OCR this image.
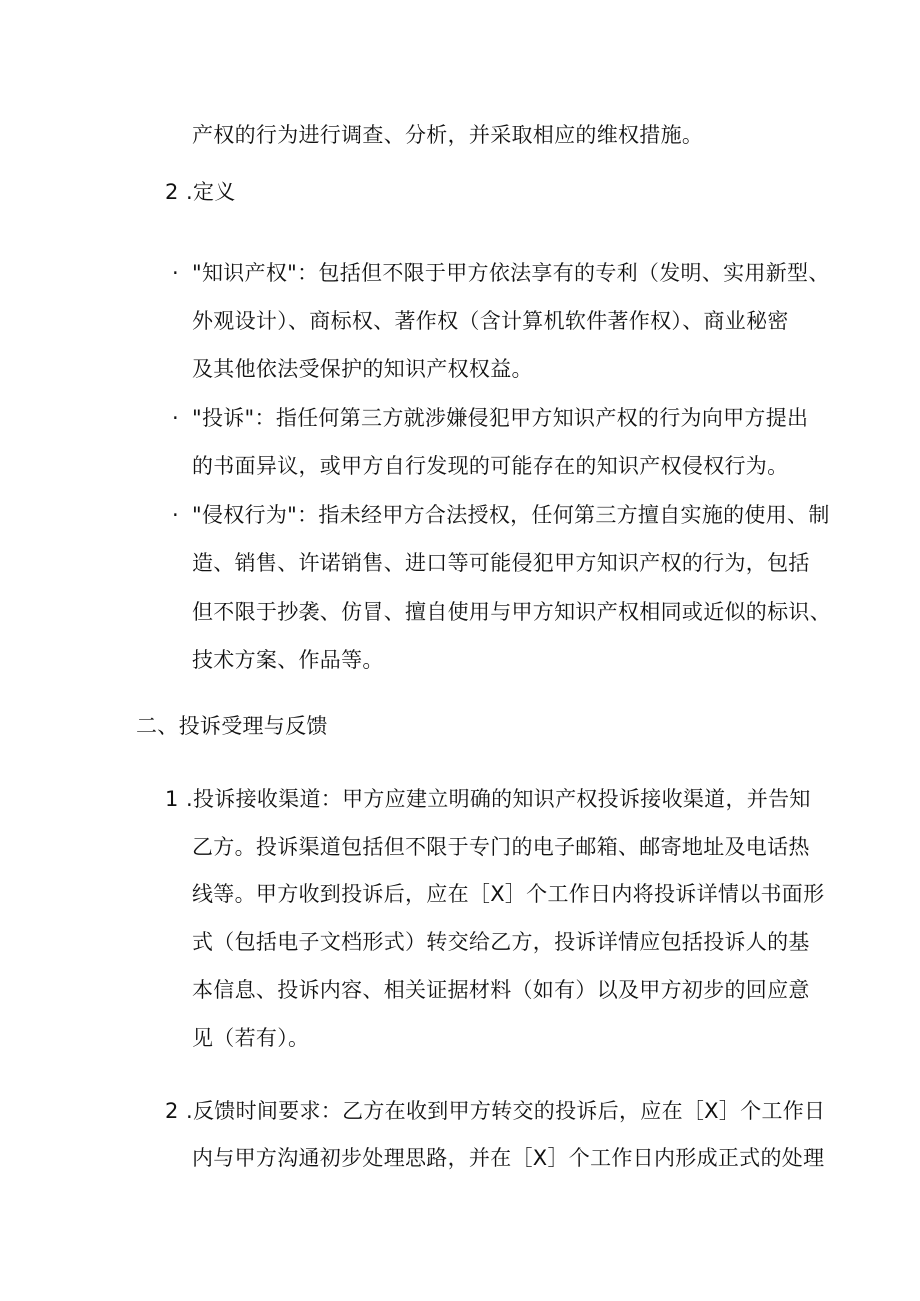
产权的行为进行调查、分析，并采取相应的维权措施。
2 .定义
· "知识产权"：包括但不限于甲方依法享有的专利（发明、实用新型、
外观设计）、商标权、著作权（含计算机软件著作权）、商业秘密
及其他依法受保护的知识产权权益。
· "投诉"：指任何第三方就涉嫌侵犯甲方知识产权的行为向甲方提出
的书面异议，或甲方自行发现的可能存在的知识产权侵权行为。
· "侵权行为"：指未经甲方合法授权，任何第三方擅自实施的使用、制
造、销售、许诺销售、进口等可能侵犯甲方知识产权的行为，包括
但不限于抄袭、仿冒、擅自使用与甲方知识产权相同或近似的标识、
技术方案、作品等。
二、投诉受理与反馈
1 .投诉接收渠道：甲方应建立明确的知识产权投诉接收渠道，并告知
乙方。投诉渠道包括但不限于专门的电子邮箱、邮寄地址及电话热
线等。甲方收到投诉后，应在［X］个工作日内将投诉详情以书面形
式（包括电子文档形式）转交给乙方，投诉详情应包括投诉人的基
本信息、投诉内容、相关证据材料（如有）以及甲方初步的回应意
见（若有）。
2 .反馈时间要求：乙方在收到甲方转交的投诉后，应在［X］个工作日
内与甲方沟通初步处理思路，并在［X］个工作日内形成正式的处理
